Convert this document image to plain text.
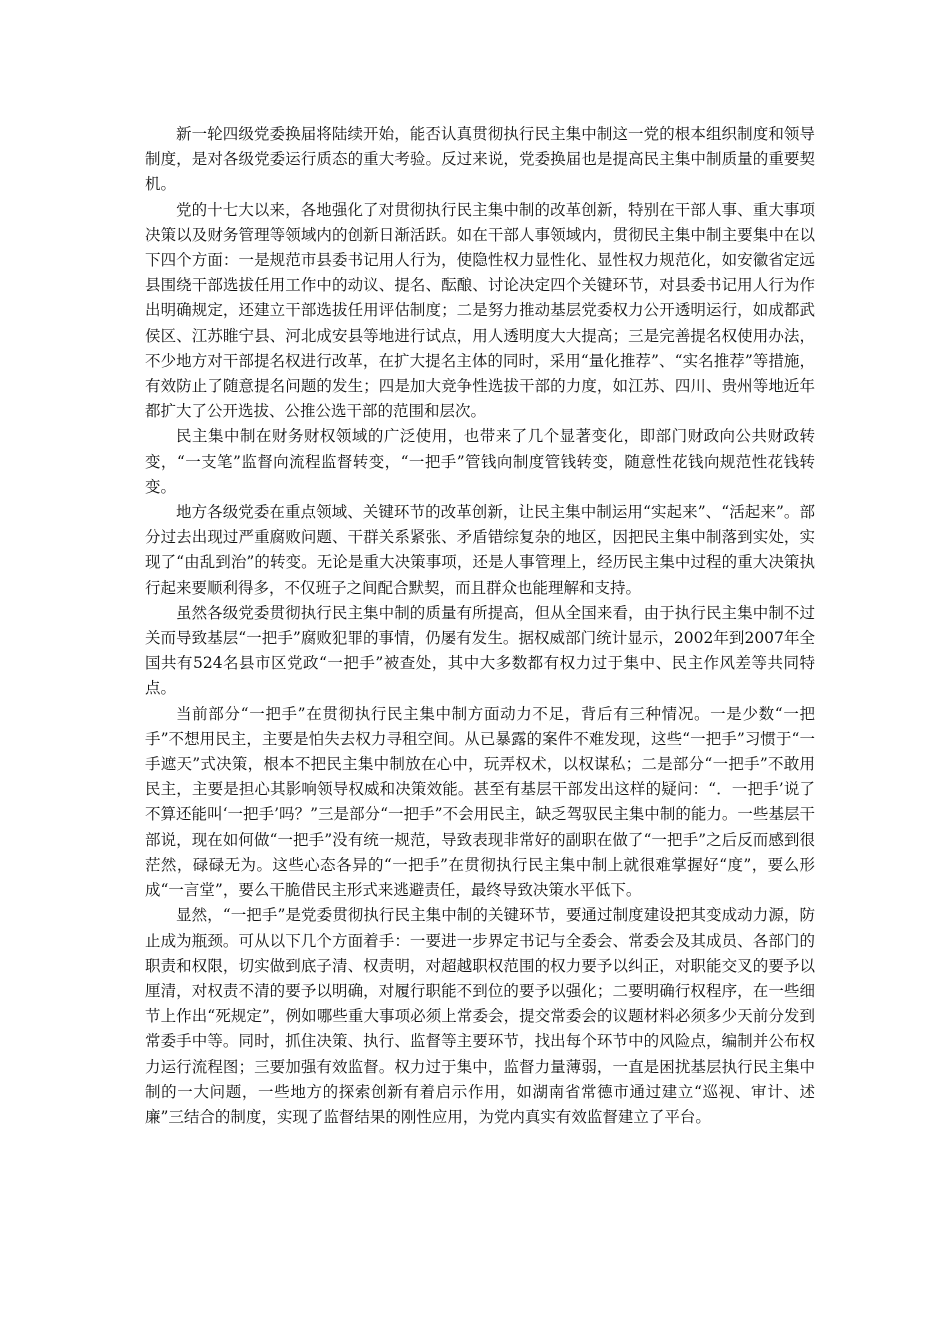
新一轮四级党委换届将陆续开始，能否认真贯彻执行民主集中制这一党的根本组织制度和领导制度，是对各级党委运行质态的重大考验。反过来说，党委换届也是提高民主集中制质量的重要契机。

党的十七大以来，各地强化了对贯彻执行民主集中制的改革创新，特别在干部人事、重大事项决策以及财务管理等领域内的创新日渐活跃。如在干部人事领域内，贯彻民主集中制主要集中在以下四个方面：一是规范市县委书记用人行为，使隐性权力显性化、显性权力规范化，如安徽省定远县围绕干部选拔任用工作中的动议、提名、酝酿、讨论决定四个关键环节，对县委书记用人行为作出明确规定，还建立干部选拔任用评估制度；二是努力推动基层党委权力公开透明运行，如成都武侯区、江苏睢宁县、河北成安县等地进行试点，用人透明度大大提高；三是完善提名权使用办法，不少地方对干部提名权进行改革，在扩大提名主体的同时，采用“量化推荐”、“实名推荐”等措施，有效防止了随意提名问题的发生；四是加大竞争性选拔干部的力度，如江苏、四川、贵州等地近年都扩大了公开选拔、公推公选干部的范围和层次。

民主集中制在财务财权领域的广泛使用，也带来了几个显著变化，即部门财政向公共财政转变，“一支笔”监督向流程监督转变，“一把手”管钱向制度管钱转变，随意性花钱向规范性花钱转变。

地方各级党委在重点领域、关键环节的改革创新，让民主集中制运用“实起来”、“活起来”。部分过去出现过严重腐败问题、干群关系紧张、矛盾错综复杂的地区，因把民主集中制落到实处，实现了“由乱到治”的转变。无论是重大决策事项，还是人事管理上，经历民主集中过程的重大决策执行起来要顺利得多，不仅班子之间配合默契，而且群众也能理解和支持。

虽然各级党委贯彻执行民主集中制的质量有所提高，但从全国来看，由于执行民主集中制不过关而导致基层“一把手”腐败犯罪的事情，仍屡有发生。据权威部门统计显示，2002年到2007年全国共有524名县市区党政“一把手”被查处，其中大多数都有权力过于集中、民主作风差等共同特点。

当前部分“一把手”在贯彻执行民主集中制方面动力不足，背后有三种情况。一是少数“一把手”不想用民主，主要是怕失去权力寻租空间。从已暴露的案件不难发现，这些“一把手”习惯于“一手遮天”式决策，根本不把民主集中制放在心中，玩弄权术，以权谋私；二是部分“一把手”不敢用民主，主要是担心其影响领导权威和决策效能。甚至有基层干部发出这样的疑问：“．一把手’说了不算还能叫‘一把手’吗？”三是部分“一把手”不会用民主，缺乏驾驭民主集中制的能力。一些基层干部说，现在如何做“一把手”没有统一规范，导致表现非常好的副职在做了“一把手”之后反而感到很茫然，碌碌无为。这些心态各异的“一把手”在贯彻执行民主集中制上就很难掌握好“度”，要么形成“一言堂”，要么干脆借民主形式来逃避责任，最终导致决策水平低下。

显然，“一把手”是党委贯彻执行民主集中制的关键环节，要通过制度建设把其变成动力源，防止成为瓶颈。可从以下几个方面着手：一要进一步界定书记与全委会、常委会及其成员、各部门的职责和权限，切实做到底子清、权责明，对超越职权范围的权力要予以纠正，对职能交叉的要予以厘清，对权责不清的要予以明确，对履行职能不到位的要予以强化；二要明确行权程序，在一些细节上作出“死规定”，例如哪些重大事项必须上常委会，提交常委会的议题材料必须多少天前分发到常委手中等。同时，抓住决策、执行、监督等主要环节，找出每个环节中的风险点，编制并公布权力运行流程图；三要加强有效监督。权力过于集中，监督力量薄弱，一直是困扰基层执行民主集中制的一大问题，一些地方的探索创新有着启示作用，如湖南省常德市通过建立“巡视、审计、述廉”三结合的制度，实现了监督结果的刚性应用，为党内真实有效监督建立了平台。
